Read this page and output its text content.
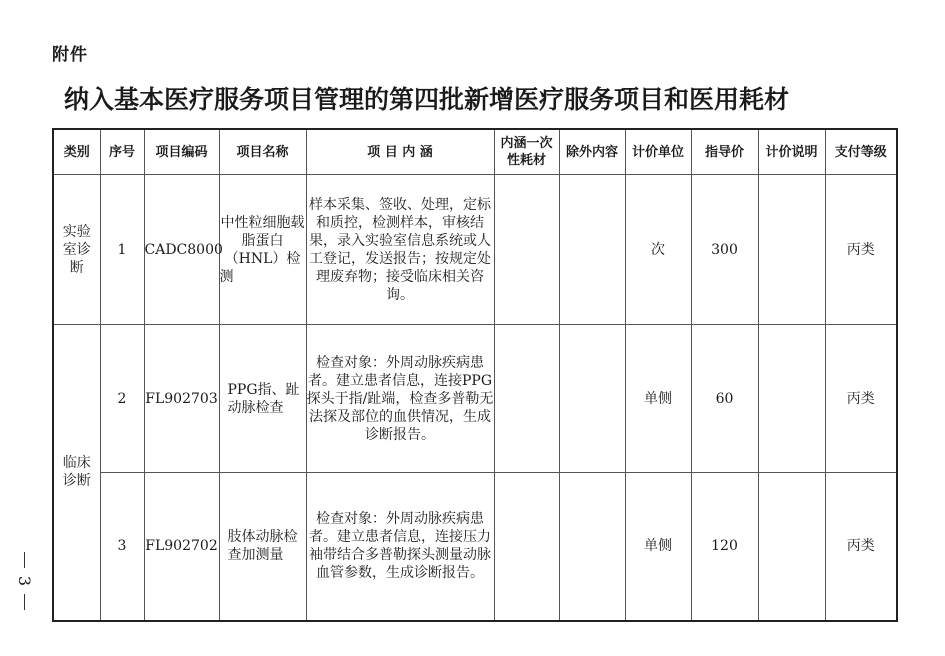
附件
纳入基本医疗服务项目管理的第四批新增医疗服务项目和医用耗材
3
类别	序号	项目编码	项目名称	项 目 内 涵	内涵一次性耗材	除外内容	计价单位	指导价	计价说明	支付等级
实验室诊断	1	CADC8000	中性粒细胞载脂蛋白（HNL）检测	样本采集、签收、处理，定标和质控，检测样本，审核结果，录入实验室信息系统或人工登记，发送报告；按规定处理废弃物；接受临床相关咨询。			次	300		丙类
临床诊断	2	FL902703	PPG指、趾动脉检查	检查对象：外周动脉疾病患者。建立患者信息，连接PPG探头于指/趾端，检查多普勒无法探及部位的血供情况，生成诊断报告。			单侧	60		丙类
	3	FL902702	肢体动脉检查加测量	检查对象：外周动脉疾病患者。建立患者信息，连接压力袖带结合多普勒探头测量动脉血管参数，生成诊断报告。			单侧	120		丙类
